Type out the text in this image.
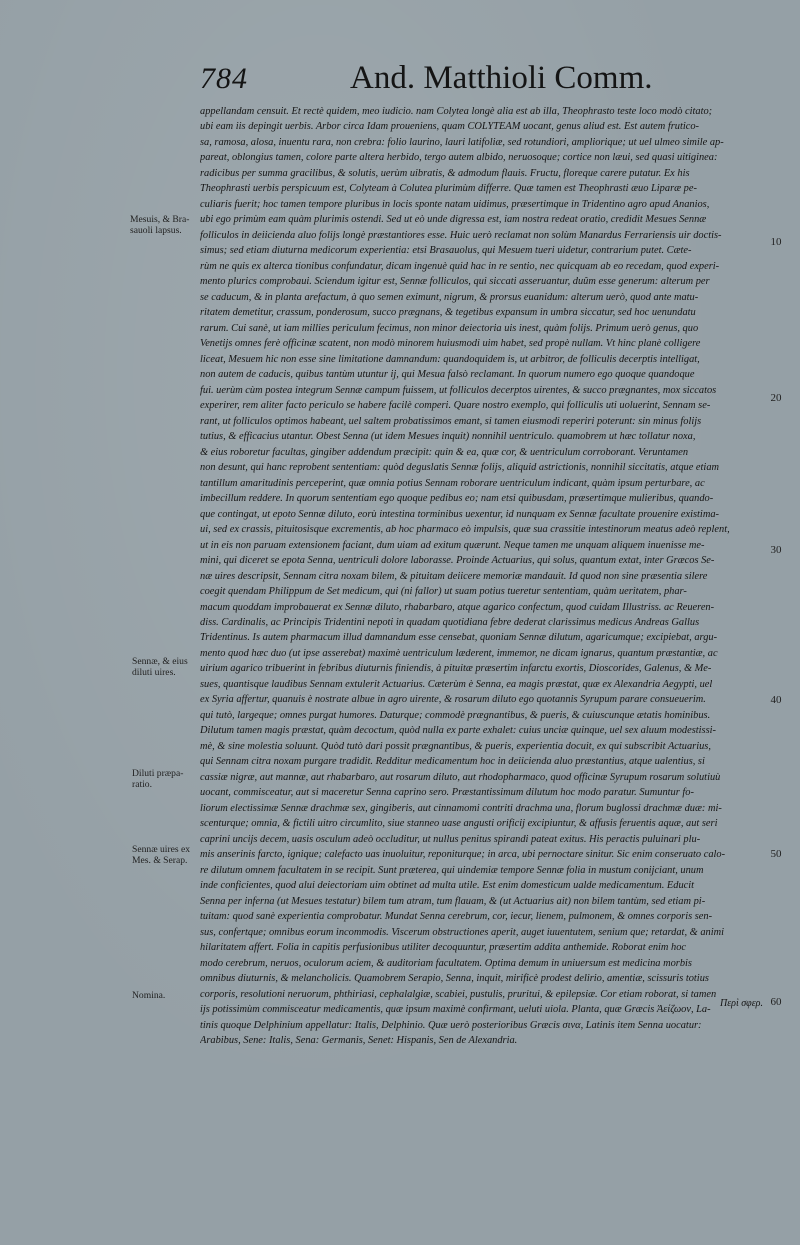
784	And. Matthioli Comm.
appellandam censuit. Et rectè quidem, meo iudicio. nam Colytea longè alia est ab illa, Theophrasto teste loco modò citato;
ubi eam iis depingit uerbis. Arbor circa Idam proueniens, quam COLYTEAM uocant, genus aliud est. Est autem frutico-
sa, ramosa, alosa, inuentu rara, non crebra: folio laurino, lauri latifoliæ, sed rotundiori, ampliorique; ut uel ulmeo simile ap-
pareat, oblongius tamen, colore parte altera herbido, tergo autem albido, neruosoque; cortice non læui, sed quasi uitiginea:
radicibus per summa gracilibus, & solutis, uerùm uibratis, & admodum flauis. Fructu, floreque carere putatur. Ex his
Theophrasti uerbis perspicuum est, Colyteam à Colutea plurimùm differre. Quæ tamen est Theophrasti æuo Liparæ pe-
culiaris fuerit; hoc tamen tempore pluribus in locis sponte natam uidimus, præsertimque in Tridentino agro apud Ananios,
ubi ego primùm eam quàm plurimis ostendi. Sed ut eò unde digressa est, iam nostra redeat oratio, credidit Mesues Sennæ
folliculos in deiicienda aluo folijs longè præstantiores esse. Huic uerò reclamat non solùm Manardus Ferrariensis uir doctis-
simus; sed etiam diuturna medicorum experientia: etsi Brasauolus, qui Mesuem tueri uidetur, contrarium putet. Cæte-
rùm ne quis ex alterca tionibus confundatur, dicam ingenuè quid hac in re sentio, nec quicquam ab eo recedam, quod experi-
mento plurics comprobaui. Sciendum igitur est, Sennæ folliculos, qui siccati asseruantur, duûm esse generum: alterum per
se caducum, & in planta arefactum, à quo semen eximunt, nigrum, & prorsus euanidum: alterum uerò, quod ante matu-
ritatem demetitur, crassum, ponderosum, succo prægnans, & tegetibus expansum in umbra siccatur, sed hoc uenundatu
rarum. Cui sanè, ut iam millies periculum fecimus, non minor deiectoria uis inest, quàm folijs. Primum uerò genus, quo
Venetijs omnes ferè officinæ scatent, non modò minorem huiusmodi uim habet, sed propè nullam. Vt hinc planè colligere
liceat, Mesuem hic non esse sine limitatione damnandum: quandoquidem is, ut arbitror, de folliculis decerptis intelligat,
non autem de caducis, quibus tantùm utuntur ij, qui Mesua falsò reclamant. In quorum numero ego quoque quandoque
fui. uerùm cùm postea integrum Sennæ campum fuissem, ut folliculos decerptos uirentes, & succo prægnantes, mox siccatos
experirer, rem aliter facto periculo se habere facilè comperi. Quare nostro exemplo, qui folliculis uti uoluerint, Sennam se-
rant, ut folliculos optimos habeant, uel saltem probatissimos emant, si tamen eiusmodi reperiri poterunt: sin minus folijs
tutius, & efficacius utantur. Obest Senna (ut idem Mesues inquit) nonnihil uentriculo. quamobrem ut hæc tollatur noxa,
& eius roboretur facultas, gingiber addendum præcipit: quin & ea, quæ cor, & uentriculum corroborant. Veruntamen
non desunt, qui hanc reprobent sententiam: quòd deguslatis Sennæ folijs, aliquid astrictionis, nonnihil siccitatis, atque etiam
tantillum amaritudinis perceperint, quæ omnia potius Sennam roborare uentriculum indicant, quàm ipsum perturbare, ac
imbecillum reddere. In quorum sententiam ego quoque pedibus eo; nam etsi quibusdam, præsertimque mulieribus, quando-
que contingat, ut epoto Sennæ diluto, eorù intestina torminibus uexentur, id nunquam ex Sennæ facultate prouenire existima-
ui, sed ex crassis, pituitosisque excrementis, ab hoc pharmaco eò impulsis, quæ sua crassitie intestinorum meatus adeò replent,
ut in eis non paruam extensionem faciant, dum uiam ad exitum quærunt. Neque tamen me unquam aliquem inuenisse me-
mini, qui diceret se epota Senna, uentriculi dolore laborasse. Proinde Actuarius, qui solus, quantum extat, inter Græcos Se-
næ uires descripsit, Sennam citra noxam bilem, & pituitam deiicere memoriæ mandauit. Id quod non sine præsentia silere
coegit quendam Philippum de Set medicum, qui (ni fallor) ut suam potius tueretur sententiam, quàm ueritatem, phar-
macum quoddam improbauerat ex Sennæ diluto, rhabarbaro, atque agarico confectum, quod cuidam Illustriss. ac Reueren-
diss. Cardinalis, ac Principis Tridentini nepoti in quadam quotidiana febre dederat clarissimus medicus Andreas Gallus
Tridentinus. Is autem pharmacum illud damnandum esse censebat, quoniam Sennæ dilutum, agaricumque; excipiebat, argu-
mento quod hæc duo (ut ipse asserebat) maximè uentriculum læderent, immemor, ne dicam ignarus, quantum præstantiæ, ac
uirium agarico tribuerint in febribus diuturnis finiendis, à pituitæ præsertim infarctu exortis, Dioscorides, Galenus, & Me-
sues, quantisque laudibus Sennam extulerit Actuarius. Cæterùm è Senna, ea magis præstat, quæ ex Alexandria Aegypti, uel
ex Syria affertur, quanuis è nostrate albue in agro uirente, & rosarum diluto ego quotannis Syrupum parare consueuerim.
qui tutò, largeque; omnes purgat humores. Daturque; commodè prægnantibus, & pueris, & cuiuscunque ætatis hominibus.
Dilutum tamen magis præstat, quàm decoctum, quòd nulla ex parte exhalet: cuius unciæ quinque, uel sex aluum modestissi-
mè, & sine molestia soluunt. Quòd tutò dari possit prægnantibus, & pueris, experientia docuit, ex qui subscribit Actuarius,
qui Sennam citra noxam purgare tradidit. Redditur medicamentum hoc in deiicienda aluo præstantius, atque ualentius, si
cassiæ nigræ, aut mannæ, aut rhabarbaro, aut rosarum diluto, aut rhodopharmaco, quod officinæ Syrupum rosarum solutiuù
uocant, commisceatur, aut si maceretur Senna caprino sero. Præstantissimum dilutum hoc modo paratur. Sumuntur fo-
liorum electissimæ Sennæ drachmæ sex, gingiberis, aut cinnamomi contriti drachma una, florum buglossi drachmæ duæ: mi-
scenturque; omnia, & fictili uitro circumlito, siue stanneo uase angusti orificij excipiuntur, & affusis feruentis aquæ, aut seri
caprini uncijs decem, uasis osculum adeò occluditur, ut nullus penitus spirandi pateat exitus. His peractis puluinari plu-
mis anserinis farcto, ignique; calefacto uas inuoluitur, reponiturque; in arca, ubi pernoctare sinitur. Sic enim conseruato calo-
re dilutum omnem facultatem in se recipit. Sunt præterea, qui uindemiæ tempore Sennæ folia in mustum conijciant, unum
inde conficientes, quod alui deiectoriam uim obtinet ad multa utile. Est enim domesticum ualde medicamentum. Educit
Senna per inferna (ut Mesues testatur) bilem tum atram, tum flauam, & (ut Actuarius ait) non bilem tantùm, sed etiam pi-
tuitam: quod sanè experientia comprobatur. Mundat Senna cerebrum, cor, iecur, lienem, pulmonem, & omnes corporis sen-
sus, confertque; omnibus eorum incommodis. Viscerum obstructiones aperit, auget iuuentutem, senium que; retardat, & animi
hilaritatem affert. Folia in capitis perfusionibus utiliter decoquuntur, præsertim addita anthemide. Roborat enim hoc
modo cerebrum, neruos, oculorum aciem, & auditoriam facultatem. Optima demum in uniuersum est medicina morbis
omnibus diuturnis, & melancholicis. Quamobrem Serapio, Senna, inquit, mirificè prodest delirio, amentiæ, scissuris totius
corporis, resolutioni neruorum, phthiriasi, cephalalgiæ, scabiei, pustulis, pruritui, & epilepsiæ. Cor etiam roborat, si tamen
ijs potissimùm commisceatur medicamentis, quæ ipsum maximè confirmant, ueluti uiola. Planta, quæ Græcis Ἀείζωον, La-
tinis quoque Delphinium appellatur: Italis, Delphinio. Quæ uerò posterioribus Græcis σινα, Latinis item Senna uocatur:
Arabibus, Sene: Italis, Sena: Germanis, Senet: Hispanis, Sen de Alexandria.
Mesuis, & Bra-
sauoli lapsus.
Sennæ, & eius
diluti uires.
Diluti præpa-
ratio.
Sennæ uires ex
Mes. & Serap.
Nomina.
10
20
30
40
50
60
Περὶ σφερ.
